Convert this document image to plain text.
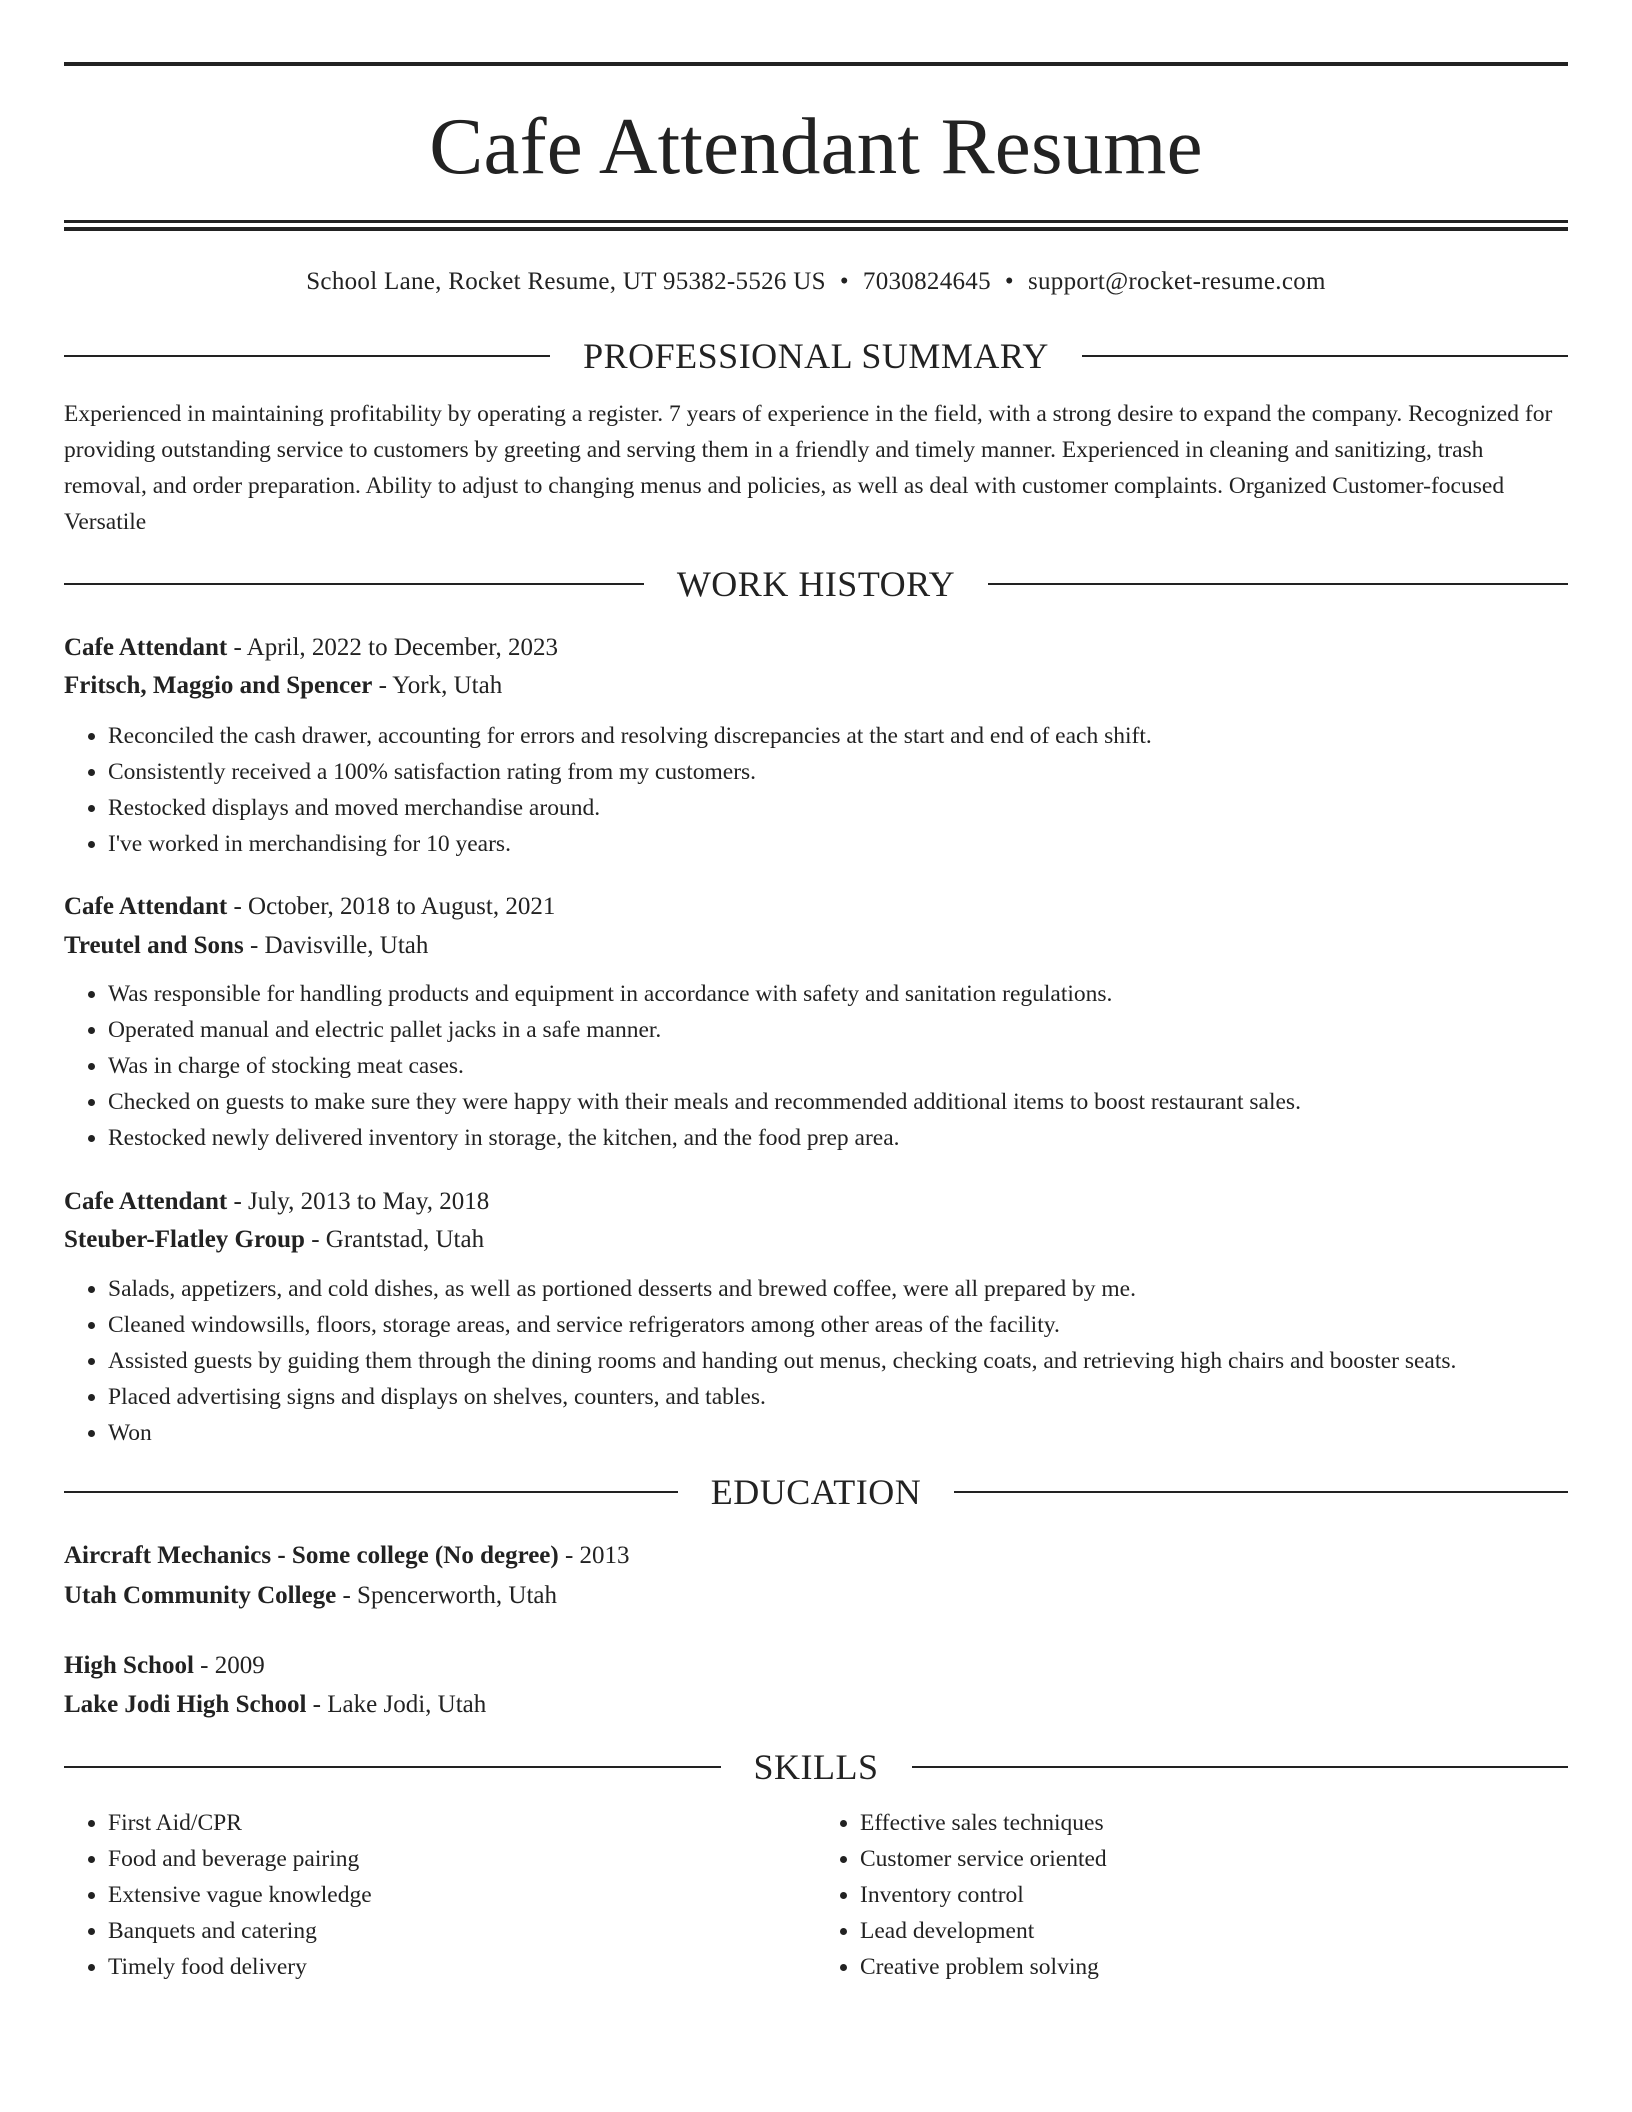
Cafe Attendant Resume
School Lane, Rocket Resume, UT 95382-5526 US • 7030824645 • support@rocket-resume.com
PROFESSIONAL SUMMARY

Experienced in maintaining profitability by operating a register. 7 years of experience in the field, with a strong desire to expand the company. Recognized for providing outstanding service to customers by greeting and serving them in a friendly and timely manner. Experienced in cleaning and sanitizing, trash removal, and order preparation. Ability to adjust to changing menus and policies, as well as deal with customer complaints. Organized Customer-focused Versatile

WORK HISTORY

Cafe Attendant - April, 2022 to December, 2023

Fritsch, Maggio and Spencer - York, Utah

• Reconciled the cash drawer, accounting for errors and resolving discrepancies at the start and end of each shift.
• Consistently received a 100% satisfaction rating from my customers.
• Restocked displays and moved merchandise around.
• I've worked in merchandising for 10 years.

Cafe Attendant - October, 2018 to August, 2021

Treutel and Sons - Davisville, Utah

• Was responsible for handling products and equipment in accordance with safety and sanitation regulations.
• Operated manual and electric pallet jacks in a safe manner.
• Was in charge of stocking meat cases.
• Checked on guests to make sure they were happy with their meals and recommended additional items to boost restaurant sales.
• Restocked newly delivered inventory in storage, the kitchen, and the food prep area.

Cafe Attendant - July, 2013 to May, 2018

Steuber-Flatley Group - Grantstad, Utah

• Salads, appetizers, and cold dishes, as well as portioned desserts and brewed coffee, were all prepared by me.
• Cleaned windowsills, floors, storage areas, and service refrigerators among other areas of the facility.
• Assisted guests by guiding them through the dining rooms and handing out menus, checking coats, and retrieving high chairs and booster seats.
• Placed advertising signs and displays on shelves, counters, and tables.
• Won
EDUCATION

Aircraft Mechanics - Some college (No degree) - 2013

Utah Community College - Spencerworth, Utah

High School - 2009

Lake Jodi High School - Lake Jodi, Utah

SKILLS
• First Aid/CPR
• Food and beverage pairing
• Extensive vague knowledge
• Banquets and catering
• Timely food delivery
• Effective sales techniques
• Customer service oriented
• Inventory control
• Lead development
• Creative problem solving
